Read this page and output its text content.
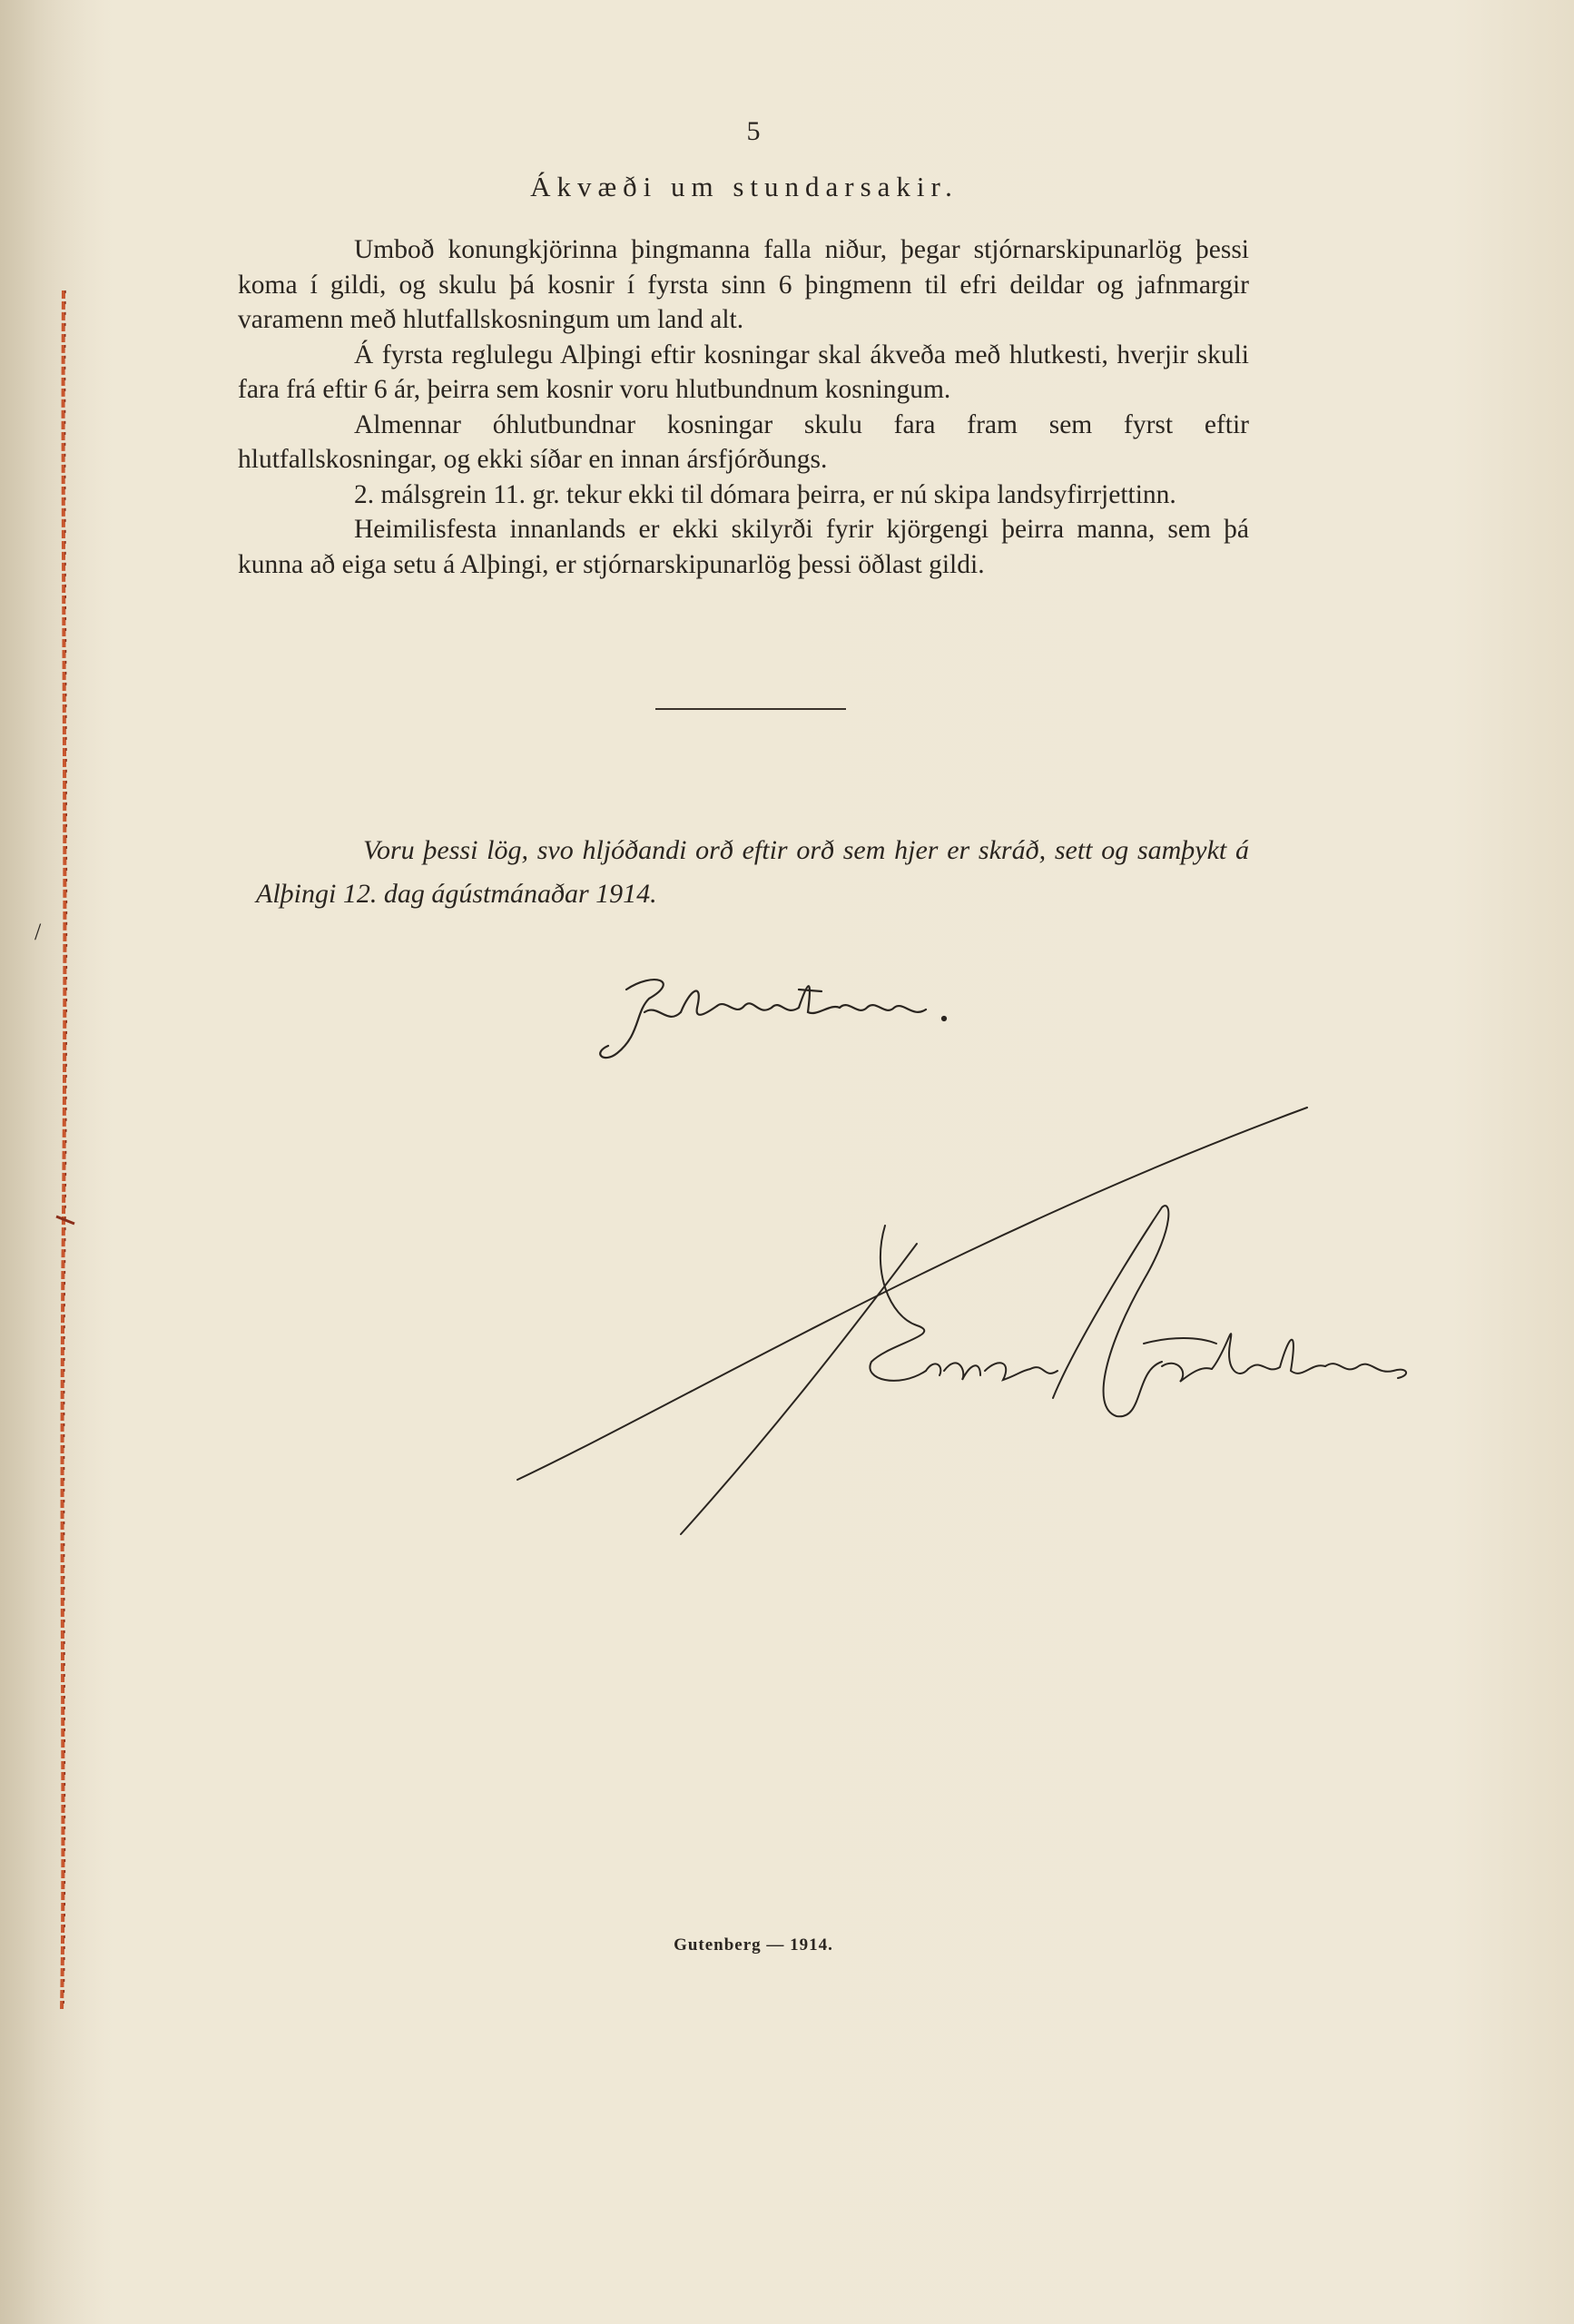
/
5
Ákvæði um stundarsakir.

Umboð konungkjörinna þingmanna falla niður, þegar stjórnarskipunarlög þessi koma í gildi, og skulu þá kosnir í fyrsta sinn 6 þingmenn til efri deildar og jafnmargir varamenn með hlutfallskosningum um land alt.

Á fyrsta reglulegu Alþingi eftir kosningar skal ákveða með hlutkesti, hverjir skuli fara frá eftir 6 ár, þeirra sem kosnir voru hlutbundnum kosningum.

Almennar óhlutbundnar kosningar skulu fara fram sem fyrst eftir hlutfallskosningar, og ekki síðar en innan ársfjórðungs.

2. málsgrein 11. gr. tekur ekki til dómara þeirra, er nú skipa landsyfirrjettinn.

Heimilisfesta innanlands er ekki skilyrði fyrir kjörgengi þeirra manna, sem þá kunna að eiga setu á Alþingi, er stjórnarskipunarlög þessi öðlast gildi.

Voru þessi lög, svo hljóðandi orð eftir orð sem hjer er skráð, sett og samþykt á Alþingi 12. dag ágústmánaðar 1914.

Gutenberg — 1914.
